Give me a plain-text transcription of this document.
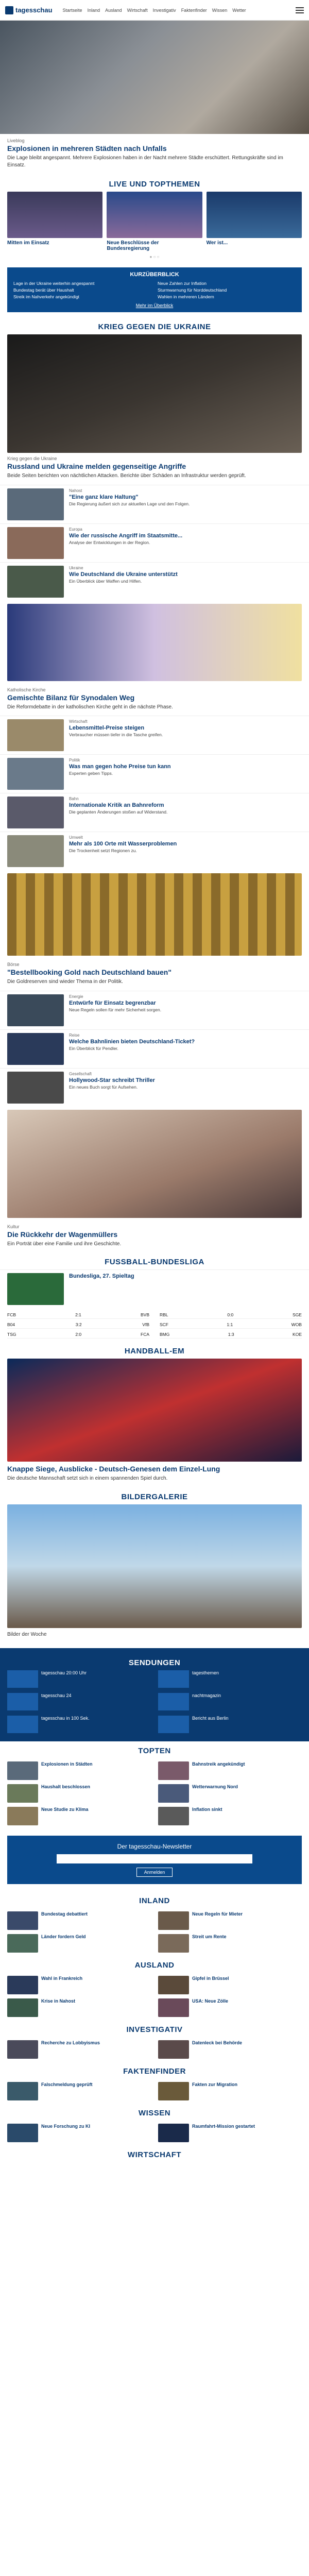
tagesschau Startseite Inland Ausland Wirtschaft Investigativ Faktenfinder Wissen Wetter
Liveblog
Explosionen in mehreren Städten nach Unfalls

Die Lage bleibt angespannt. Mehrere Explosionen haben in der Nacht mehrere Städte erschüttert. Rettungskräfte sind im Einsatz.

LIVE UND TOPTHEMEN
Mitten im Einsatz	Neue Beschlüsse der Bundesregierung
Wer ist...
● ○ ○
KURZÜBERBLICK
Lage in der Ukraine weiterhin angespannt
Bundestag berät über Haushalt
Streik im Nahverkehr angekündigt
Neue Zahlen zur Inflation
Sturmwarnung für Norddeutschland
Wahlen in mehreren Ländern
Mehr im Überblick
KRIEG GEGEN DIE UKRAINE
Krieg gegen die Ukraine
Russland und Ukraine melden gegenseitige Angriffe

Beide Seiten berichten von nächtlichen Attacken. Berichte über Schäden an Infrastruktur werden geprüft.

Nahost
"Eine ganz klare Haltung"
Die Regierung äußert sich zur aktuellen Lage und den Folgen.
Europa
Wie der russische Angriff im Staatsmitte...
Analyse der Entwicklungen in der Region.
Ukraine
Wie Deutschland die Ukraine unterstützt
Ein Überblick über Waffen und Hilfen.
Katholische Kirche
Gemischte Bilanz für Synodalen Weg

Die Reformdebatte in der katholischen Kirche geht in die nächste Phase.

Wirtschaft
Lebensmittel-Preise steigen
Verbraucher müssen tiefer in die Tasche greifen.
Politik
Was man gegen hohe Preise tun kann
Experten geben Tipps.
Bahn
Internationale Kritik an Bahnreform
Die geplanten Änderungen stoßen auf Widerstand.
Umwelt
Mehr als 100 Orte mit Wasserproblemen
Die Trockenheit setzt Regionen zu.
Börse
"Bestellbooking Gold nach Deutschland bauen"

Die Goldreserven sind wieder Thema in der Politik.

Energie
Entwürfe für Einsatz begrenzbar
Neue Regeln sollen für mehr Sicherheit sorgen.
Reise
Welche Bahnlinien bieten Deutschland-Ticket?
Ein Überblick für Pendler.
Gesellschaft
Hollywood-Star schreibt Thriller
Ein neues Buch sorgt für Aufsehen.
Kultur
Die Rückkehr der Wagenmüllers

Ein Porträt über eine Familie und ihre Geschichte.

FUSSBALL-BUNDESLIGA
Bundesliga, 27. Spieltag
FCB	2:1	BVB RBL	0:0	SGE
B04	3:2	VfB SCF	1:1	WOB
TSG	2:0	FCA BMG	1:3	KOE
HANDBALL-EM
Knappe Siege, Ausblicke - Deutsch-Genesen dem Einzel-Lung

Die deutsche Mannschaft setzt sich in einem spannenden Spiel durch.

BILDERGALERIE

Bilder der Woche

SENDUNGEN
tagesschau 20:00 Uhr	tagesthemen
tagesschau 24	nachtmagazin
tagesschau in 100 Sek.	Bericht aus Berlin
TOPTEN
Explosionen in Städten	Bahnstreik angekündigt
Haushalt beschlossen	Wetterwarnung Nord
Neue Studie zu Klima	Inflation sinkt
Der tagesschau-Newsletter
Anmelden
INLAND
Bundestag debattiert	Neue Regeln für Mieter
Länder fordern Geld	Streit um Rente
AUSLAND
Wahl in Frankreich	Gipfel in Brüssel
Krise in Nahost	USA: Neue Zölle
INVESTIGATIV
Recherche zu Lobbyismus	Datenleck bei Behörde
FAKTENFINDER
Falschmeldung geprüft	Fakten zur Migration
WISSEN
Neue Forschung zu KI	Raumfahrt-Mission gestartet
WIRTSCHAFT
